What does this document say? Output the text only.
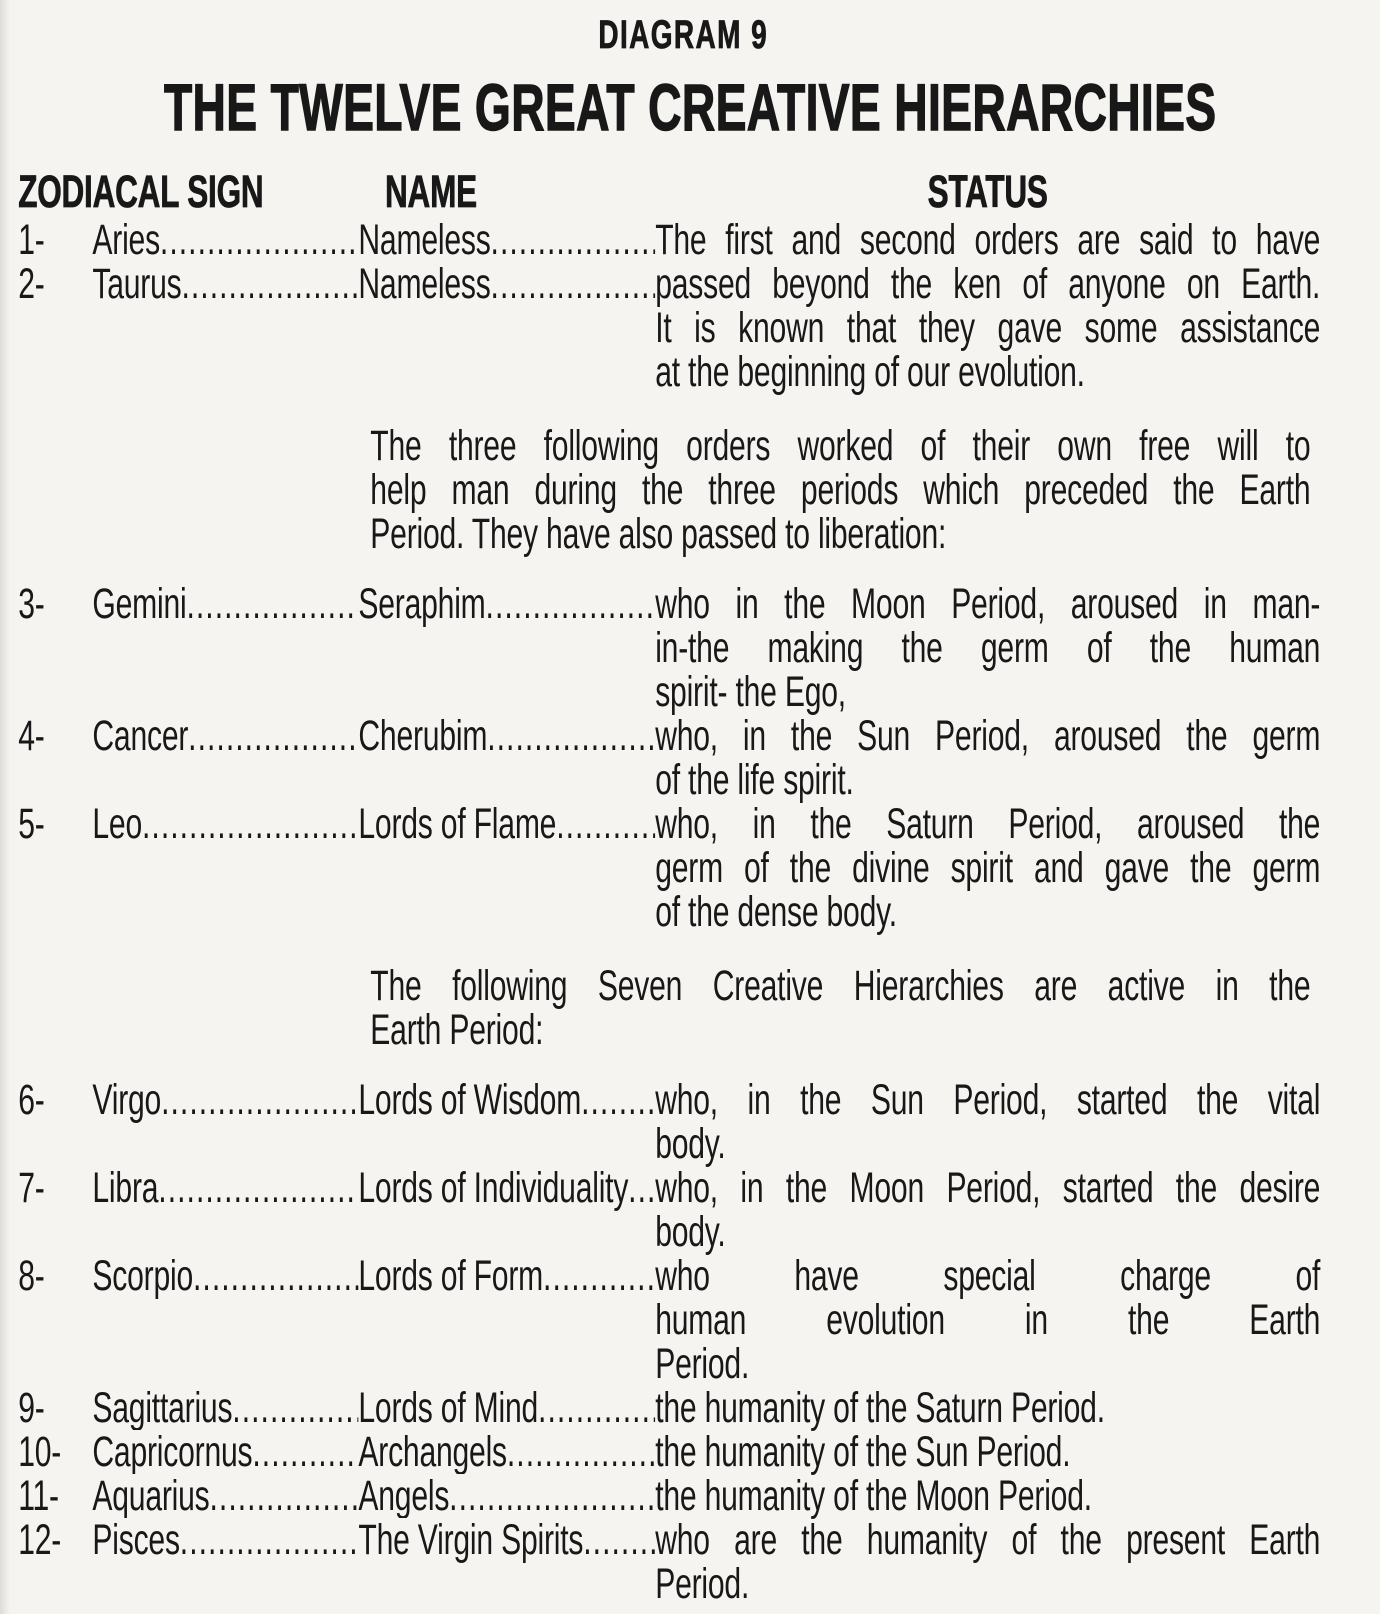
DIAGRAM 9
THE TWELVE GREAT CREATIVE HIERARCHIES
ZODIACAL SIGN	NAME	STATUS
1-	Aries .....	Nameless .....	The first and second orders are said to have
2-	Taurus .....	Nameless .....	passed beyond the ken of anyone on Earth.
It is known that they gave some assistance
at the beginning of our evolution.
The three following orders worked of their own free will to
help man during the three periods which preceded the Earth
Period. They have also passed to liberation:
3-	Gemini .....	Seraphim .....	who in the Moon Period, aroused in man-
in-the making the germ of the human
spirit- the Ego,
4-	Cancer .....	Cherubim .....	who, in the Sun Period, aroused the germ
of the life spirit.
5-	Leo .....	Lords of Flame ..... who, in the Saturn Period, aroused the
germ of the divine spirit and gave the germ
of the dense body.
The following Seven Creative Hierarchies are active in the
Earth Period:
6-	Virgo .....	Lords of Wisdom ..... who, in the Sun Period, started the vital
body.
7-	Libra .....	Lords of Individuality ..... who, in the Moon Period, started the desire
body.
8-	Scorpio .....	Lords of Form .....	who have special charge of
human evolution in the Earth
Period.
9-	Sagittarius .....	Lords of Mind .....	the humanity of the Saturn Period.
10- Capricornus ..... Archangels .....	the humanity of the Sun Period.
11- Aquarius .....	Angels .....	the humanity of the Moon Period.
12- Pisces .....	The Virgin Spirits ..... who are the humanity of the present Earth
Period.
